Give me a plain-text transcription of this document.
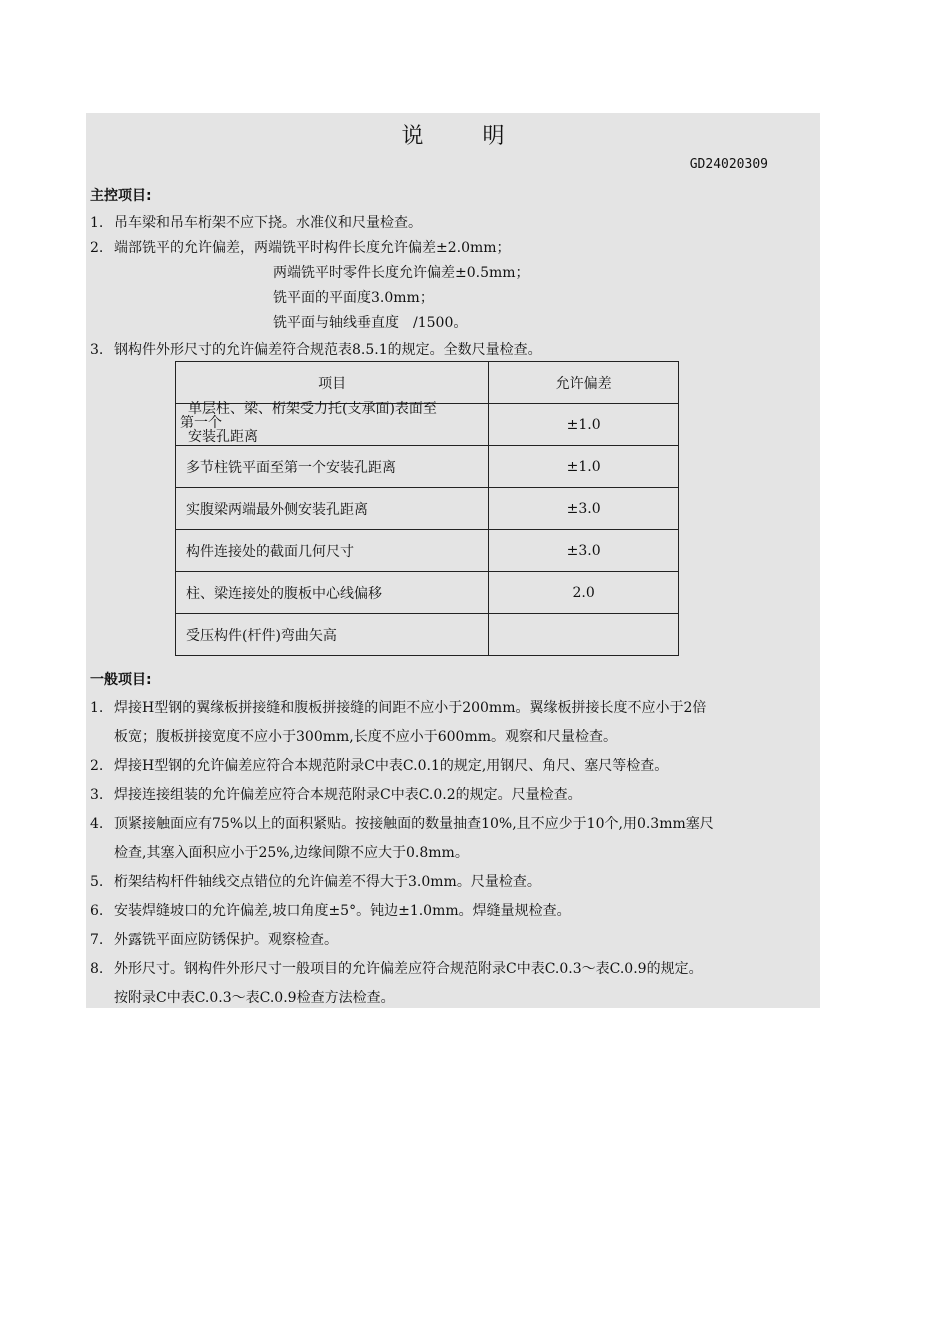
说 明
GD24020309
主控项目:
1. 吊车梁和吊车桁架不应下挠。水准仪和尺量检查。
2. 端部铣平的允许偏差，两端铣平时构件长度允许偏差±2.0mm；
两端铣平时零件长度允许偏差±0.5mm；
铣平面的平面度3.0mm；
铣平面与轴线垂直度　/1500。
3. 钢构件外形尺寸的允许偏差符合规范表8.5.1的规定。全数尺量检查。
项目	允许偏差

单层柱、梁、桁架受力托(支承面)表面至
第一个
安装孔距离	±1.0
多节柱铣平面至第一个安装孔距离	±1.0
实腹梁两端最外侧安装孔距离	±3.0
构件连接处的截面几何尺寸	±3.0
柱、梁连接处的腹板中心线偏移	2.0
受压构件(杆件)弯曲矢高	
一般项目:
1. 焊接H型钢的翼缘板拼接缝和腹板拼接缝的间距不应小于200mm。翼缘板拼接长度不应小于2倍
板宽；腹板拼接宽度不应小于300mm,长度不应小于600mm。观察和尺量检查。
2. 焊接H型钢的允许偏差应符合本规范附录C中表C.0.1的规定,用钢尺、角尺、塞尺等检查。
3. 焊接连接组装的允许偏差应符合本规范附录C中表C.0.2的规定。尺量检查。
4. 顶紧接触面应有75%以上的面积紧贴。按接触面的数量抽查10%,且不应少于10个,用0.3mm塞尺
检查,其塞入面积应小于25%,边缘间隙不应大于0.8mm。
5. 桁架结构杆件轴线交点错位的允许偏差不得大于3.0mm。尺量检查。
6. 安装焊缝坡口的允许偏差,坡口角度±5°。钝边±1.0mm。焊缝量规检查。
7. 外露铣平面应防锈保护。观察检查。
8. 外形尺寸。钢构件外形尺寸一般项目的允许偏差应符合规范附录C中表C.0.3～表C.0.9的规定。
按附录C中表C.0.3～表C.0.9检查方法检查。
